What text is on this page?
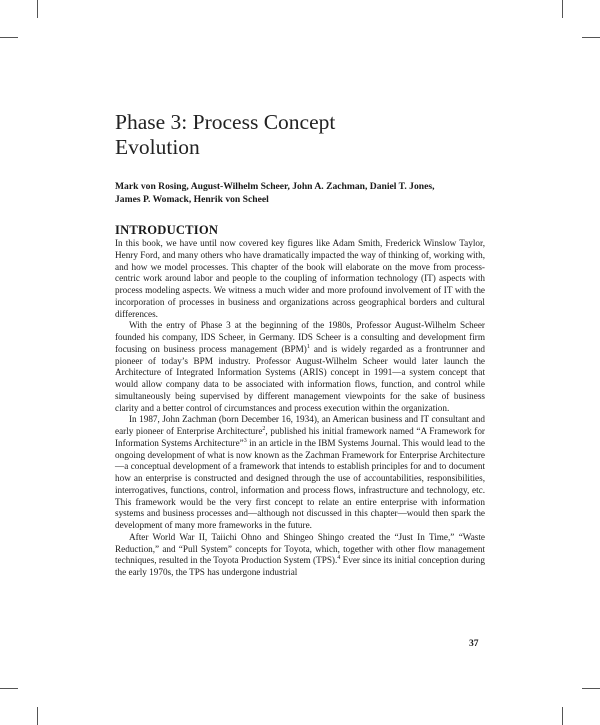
Phase 3: Process Concept
Evolution
Mark von Rosing, August-Wilhelm Scheer, John A. Zachman, Daniel T. Jones,
James P. Womack, Henrik von Scheel
INTRODUCTION

In this book, we have until now covered key figures like Adam Smith, Frederick Winslow Taylor, Henry Ford, and many others who have dramatically impacted the way of thinking of, working with, and how we model processes. This chapter of the book will elaborate on the move from process-centric work around labor and people to the coupling of information technology (IT) aspects with process modeling aspects. We witness a much wider and more profound involvement of IT with the incorporation of processes in business and organizations across geographical borders and cultural differences.

With the entry of Phase 3 at the beginning of the 1980s, Professor August-Wilhelm Scheer founded his company, IDS Scheer, in Germany. IDS Scheer is a consulting and development firm focusing on business process management (BPM)$^1$ and is widely regarded as a frontrunner and pioneer of today’s BPM industry. Professor August-Wilhelm Scheer would later launch the Architecture of Integrated Information Systems (ARIS) concept in 1991—a system concept that would allow company data to be associated with information flows, function, and control while simultaneously being supervised by different management viewpoints for the sake of business clarity and a better control of circumstances and process execution within the organization.

In 1987, John Zachman (born December 16, 1934), an American business and IT consultant and early pioneer of Enterprise Architecture$^2$, published his initial framework named “A Framework for Information Systems Architecture”$^3$ in an article in the IBM Systems Journal. This would lead to the ongoing development of what is now known as the Zachman Framework for Enterprise Architecture—a conceptual development of a framework that intends to establish principles for and to document how an enterprise is constructed and designed through the use of accountabilities, responsibilities, interrogatives, functions, control, information and process flows, infrastructure and technology, etc. This framework would be the very first concept to relate an entire enterprise with information systems and business processes and—although not discussed in this chapter—would then spark the development of many more frameworks in the future.

After World War II, Taiichi Ohno and Shingeo Shingo created the “Just In Time,” “Waste Reduction,” and “Pull System” concepts for Toyota, which, together with other flow management techniques, resulted in the Toyota Production System (TPS).$^4$ Ever since its initial conception during the early 1970s, the TPS has undergone industrial

37
